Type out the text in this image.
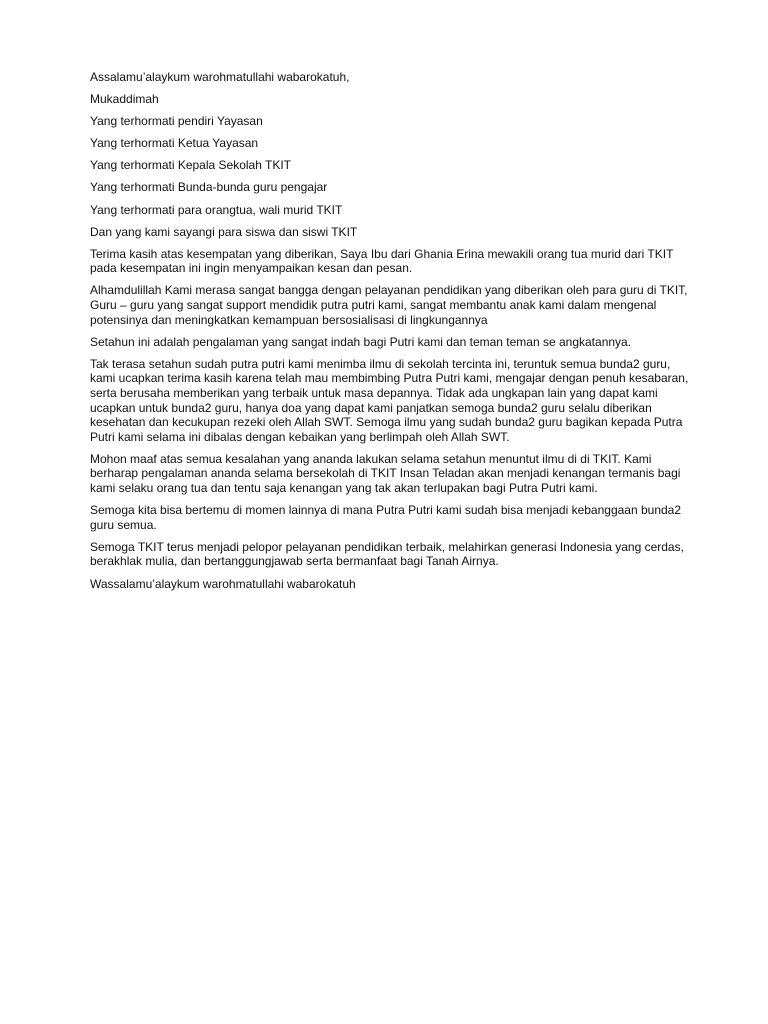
Assalamu’alaykum warohmatullahi wabarokatuh,

Mukaddimah

Yang terhormati pendiri Yayasan

Yang terhormati Ketua Yayasan

Yang terhormati Kepala Sekolah TKIT

Yang terhormati Bunda-bunda guru pengajar

Yang terhormati para orangtua, wali murid TKIT

Dan yang kami sayangi para siswa dan siswi TKIT

Terima kasih atas kesempatan yang diberikan, Saya Ibu dari Ghania Erina mewakili orang tua murid dari TKIT pada kesempatan ini ingin menyampaikan kesan dan pesan.

Alhamdulillah Kami merasa sangat bangga dengan pelayanan pendidikan yang diberikan oleh para guru di TKIT, Guru – guru yang sangat support mendidik putra putri kami, sangat membantu anak kami dalam mengenal potensinya dan meningkatkan kemampuan bersosialisasi di lingkungannya

Setahun ini adalah pengalaman yang sangat indah bagi Putri kami dan teman teman se angkatannya.

Tak terasa setahun sudah putra putri kami menimba ilmu di sekolah tercinta ini, teruntuk semua bunda2 guru, kami ucapkan terima kasih karena telah mau membimbing Putra Putri kami, mengajar dengan penuh kesabaran, serta berusaha memberikan yang terbaik untuk masa depannya. Tidak ada ungkapan lain yang dapat kami ucapkan untuk bunda2 guru, hanya doa yang dapat kami panjatkan semoga bunda2 guru selalu diberikan kesehatan dan kecukupan rezeki oleh Allah SWT. Semoga ilmu yang sudah bunda2 guru bagikan kepada Putra Putri kami selama ini dibalas dengan kebaikan yang berlimpah oleh Allah SWT.

Mohon maaf atas semua kesalahan yang ananda lakukan selama setahun menuntut ilmu di di TKIT. Kami berharap pengalaman ananda selama bersekolah di TKIT Insan Teladan akan menjadi kenangan termanis bagi kami selaku orang tua dan tentu saja kenangan yang tak akan terlupakan bagi Putra Putri kami.

Semoga kita bisa bertemu di momen lainnya di mana Putra Putri kami sudah bisa menjadi kebanggaan bunda2 guru semua.

Semoga TKIT terus menjadi pelopor pelayanan pendidikan terbaik, melahirkan generasi Indonesia yang cerdas, berakhlak mulia, dan bertanggungjawab serta bermanfaat bagi Tanah Airnya.

Wassalamu’alaykum warohmatullahi wabarokatuh
